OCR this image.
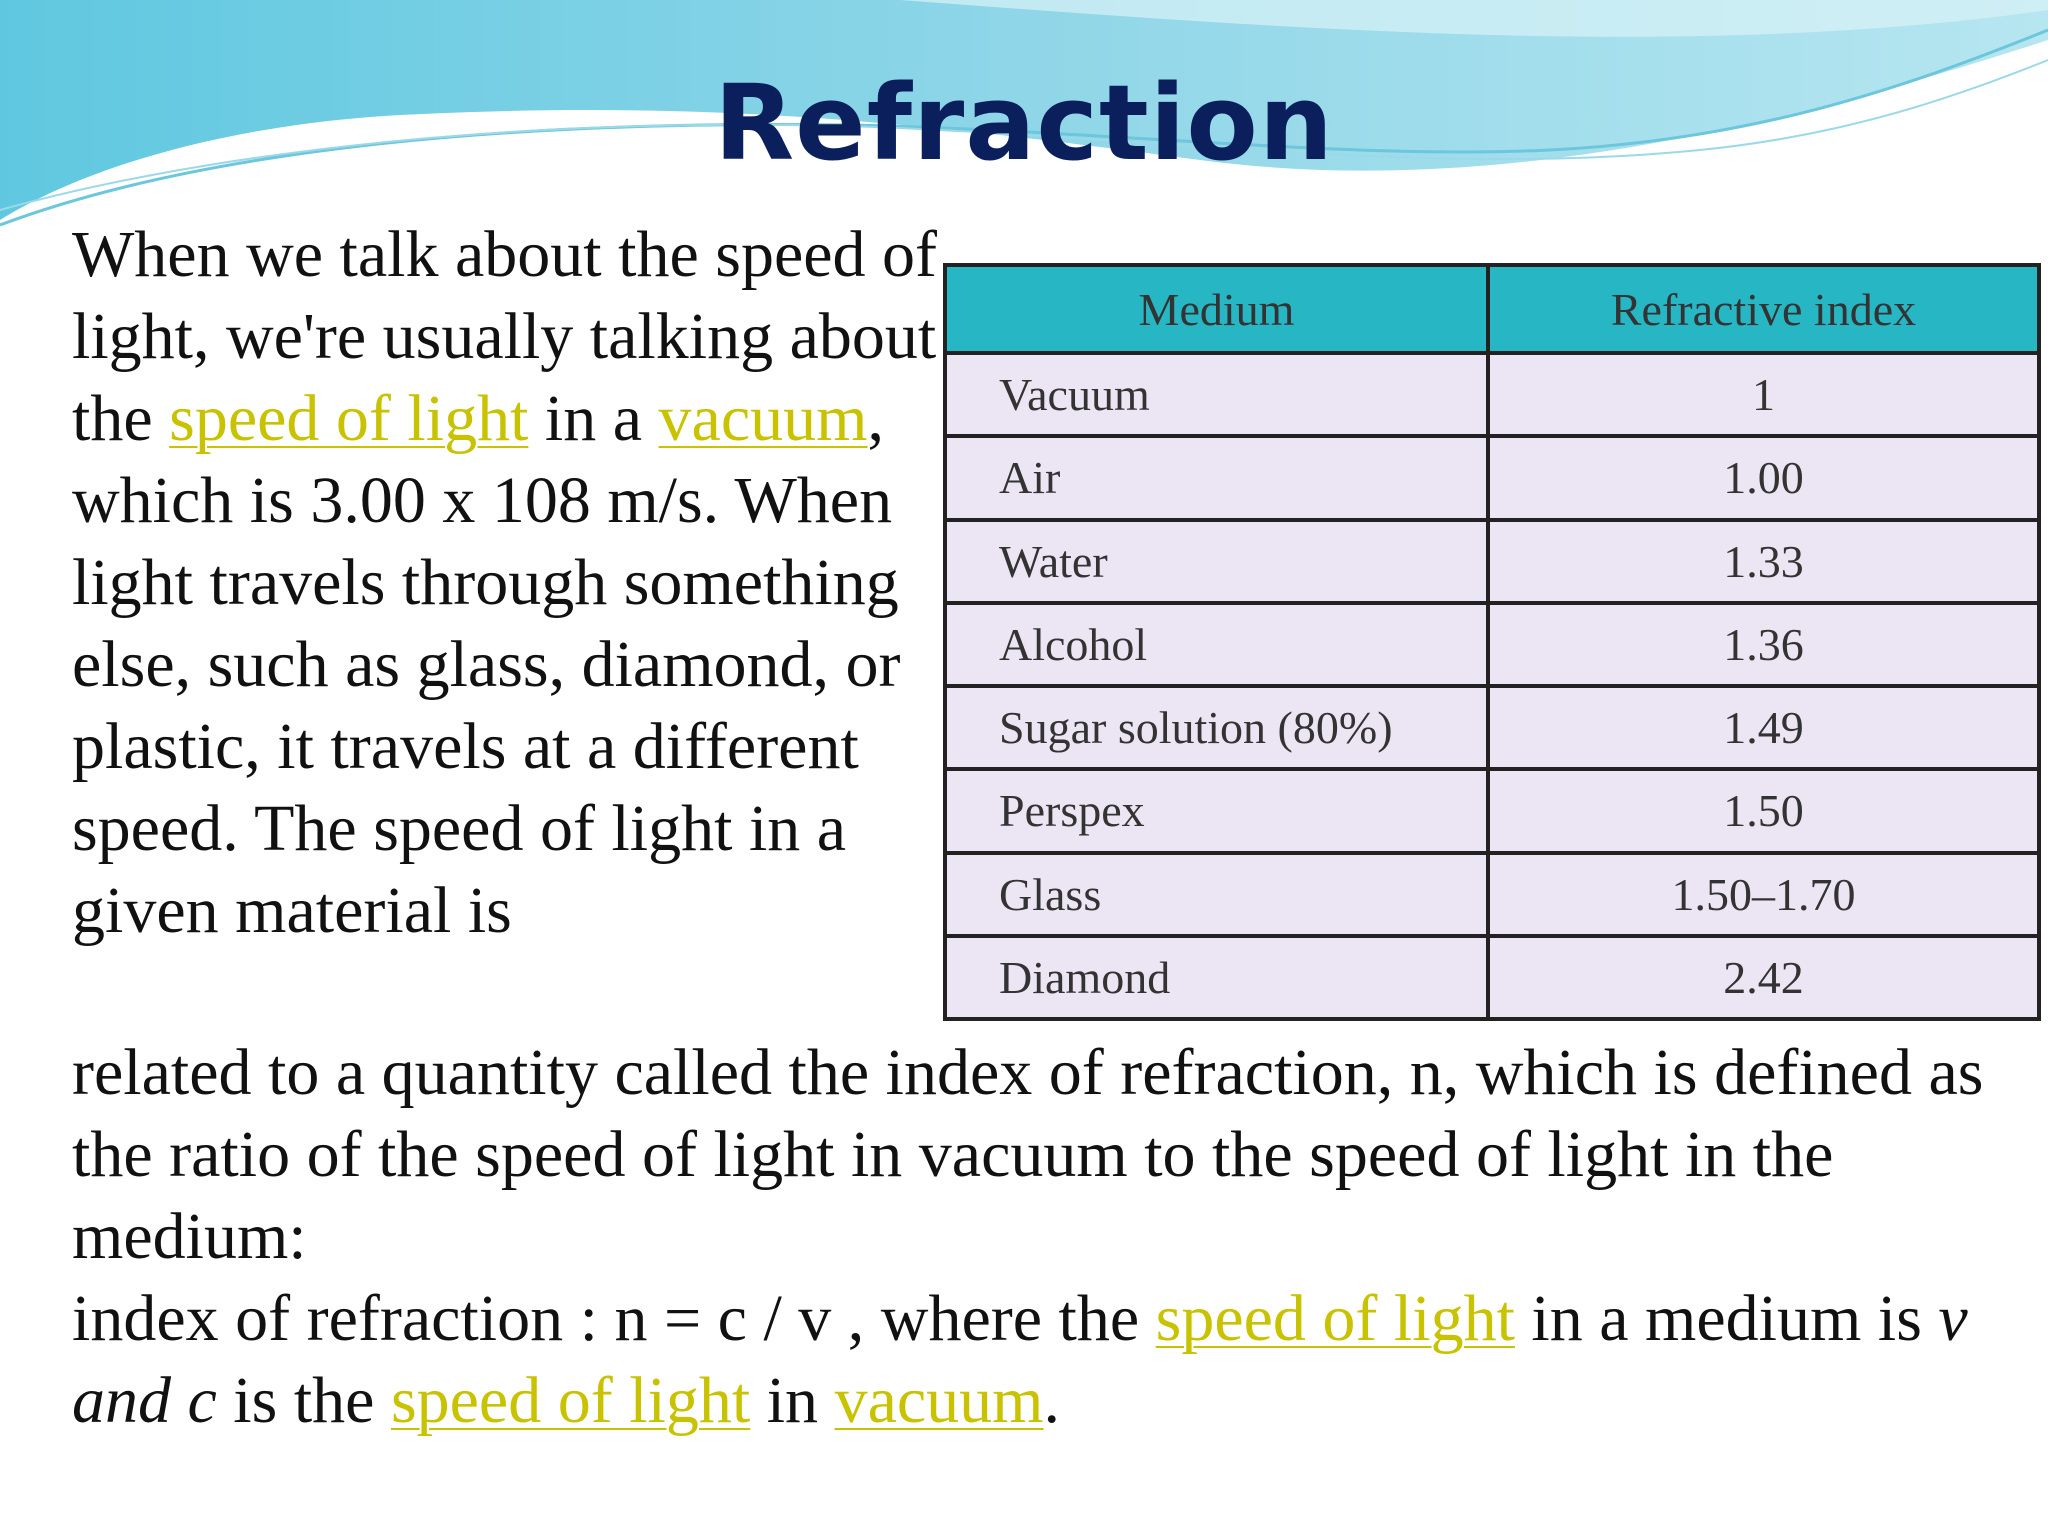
Refraction

When we talk about the speed of light, we're usually talking about the speed of light in a vacuum, which is 3.00 x 108 m/s. When light travels through something else, such as glass, diamond, or plastic, it travels at a different speed. The speed of light in a given material is

Medium	Refractive index
Vacuum	1
Air	1.00
Water	1.33
Alcohol	1.36
Sugar solution (80%)	1.49
Perspex	1.50
Glass	1.50–1.70
Diamond	2.42

related to a quantity called the index of refraction, n, which is defined as the ratio of the speed of light in vacuum to the speed of light in the medium:
index of refraction : n = c / v , where the speed of light in a medium is v and c is the speed of light in vacuum.
